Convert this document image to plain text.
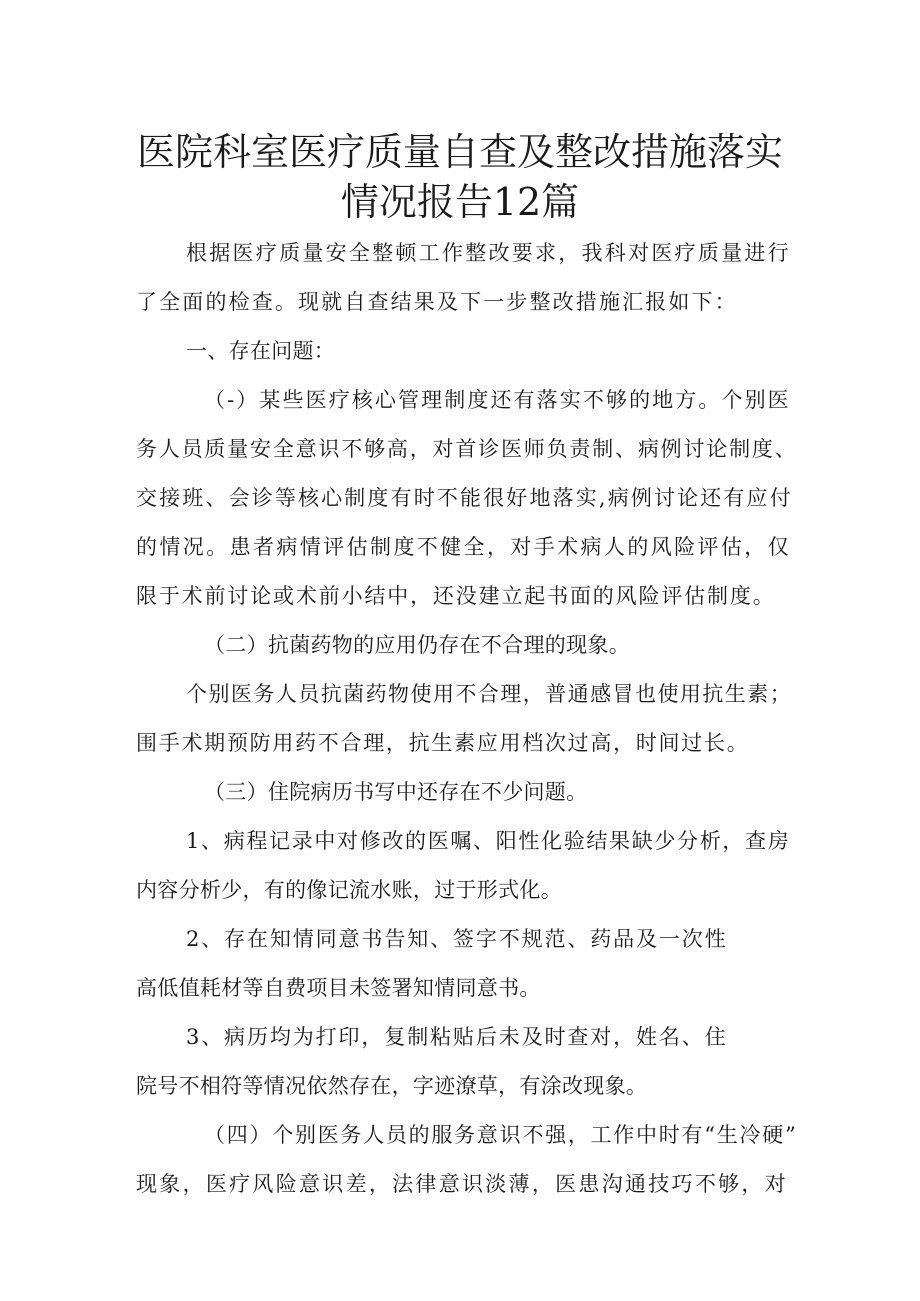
医院科室医疗质量自查及整改措施落实
情况报告12篇

根据医疗质量安全整顿工作整改要求，我科对医疗质量进行

了全面的检查。现就自查结果及下一步整改措施汇报如下：

一、存在问题：

（-）某些医疗核心管理制度还有落实不够的地方。个别医

务人员质量安全意识不够高，对首诊医师负责制、病例讨论制度、

交接班、会诊等核心制度有时不能很好地落实,病例讨论还有应付

的情况。患者病情评估制度不健全，对手术病人的风险评估，仅

限于术前讨论或术前小结中，还没建立起书面的风险评估制度。

（二）抗菌药物的应用仍存在不合理的现象。

个别医务人员抗菌药物使用不合理，普通感冒也使用抗生素；

围手术期预防用药不合理，抗生素应用档次过高，时间过长。

（三）住院病历书写中还存在不少问题。

1、病程记录中对修改的医嘱、阳性化验结果缺少分析，查房

内容分析少，有的像记流水账，过于形式化。

2、存在知情同意书告知、签字不规范、药品及一次性

高低值耗材等自费项目未签署知情同意书。

3、病历均为打印，复制粘贴后未及时查对，姓名、住

院号不相符等情况依然存在，字迹潦草，有涂改现象。

（四）个别医务人员的服务意识不强，工作中时有“生冷硬”

现象，医疗风险意识差，法律意识淡薄，医患沟通技巧不够，对
